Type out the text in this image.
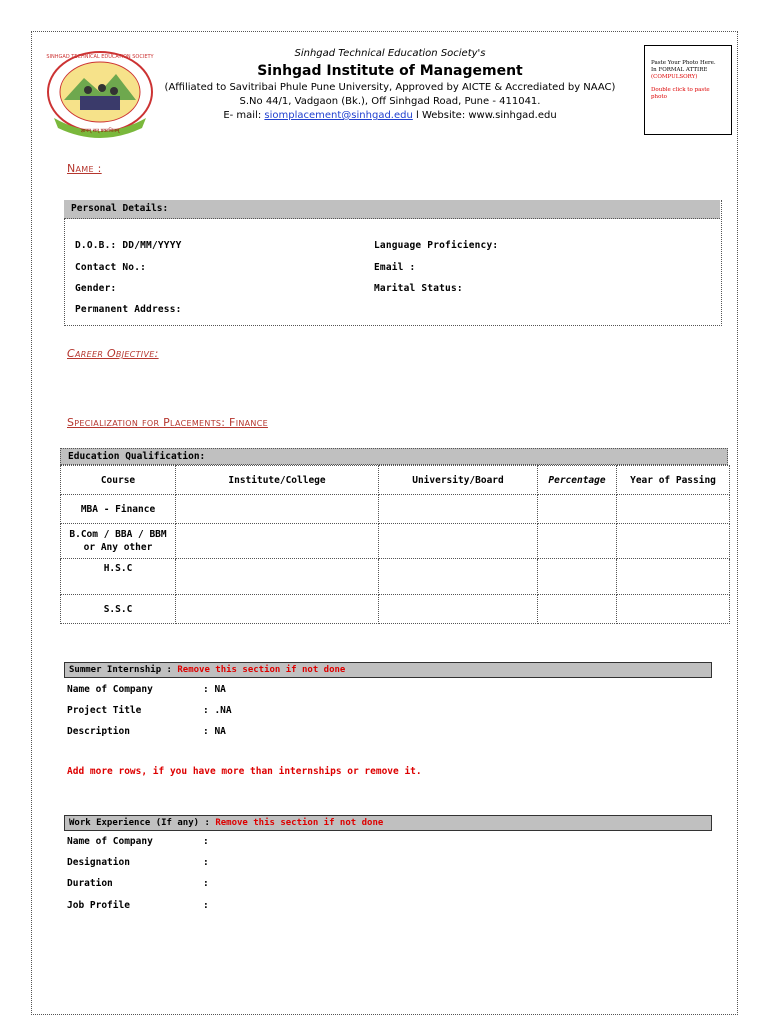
SINHGAD TECHNICAL EDUCATION SOCIETY
ज्ञानम् सत् प्रकाशितम्
Sinhgad Technical Education Society's
Sinhgad Institute of Management
(Affiliated to Savitribai Phule Pune University, Approved by AICTE & Accrediated by NAAC)
S.No 44/1, Vadgaon (Bk.), Off Sinhgad Road, Pune - 411041.
E- mail: siomplacement@sinhgad.edu l Website: www.sinhgad.edu
Paste Your Photo Here.
In FORMAL ATTIRE
(COMPULSORY)
Double click to paste photo
Name :
Personal Details:
D.O.B.: DD/MM/YYYY
Contact No.:
Gender:
Permanent Address:
Language Proficiency:
Email :
Marital Status:
Career Objective:
Specialization for Placements: Finance
Education Qualification:
Course	Institute/College	University/Board	Percentage	Year of Passing
MBA - Finance				
B.Com / BBA / BBM or Any other				
H.S.C				
S.S.C				
Summer Internship : Remove this section if not done
Name of Company	: NA
Project Title	: .NA
Description	: NA
Add more rows, if you have more than internships or remove it.
Work Experience (If any) : Remove this section if not done
Name of Company	:
Designation	:
Duration	:
Job Profile	:
